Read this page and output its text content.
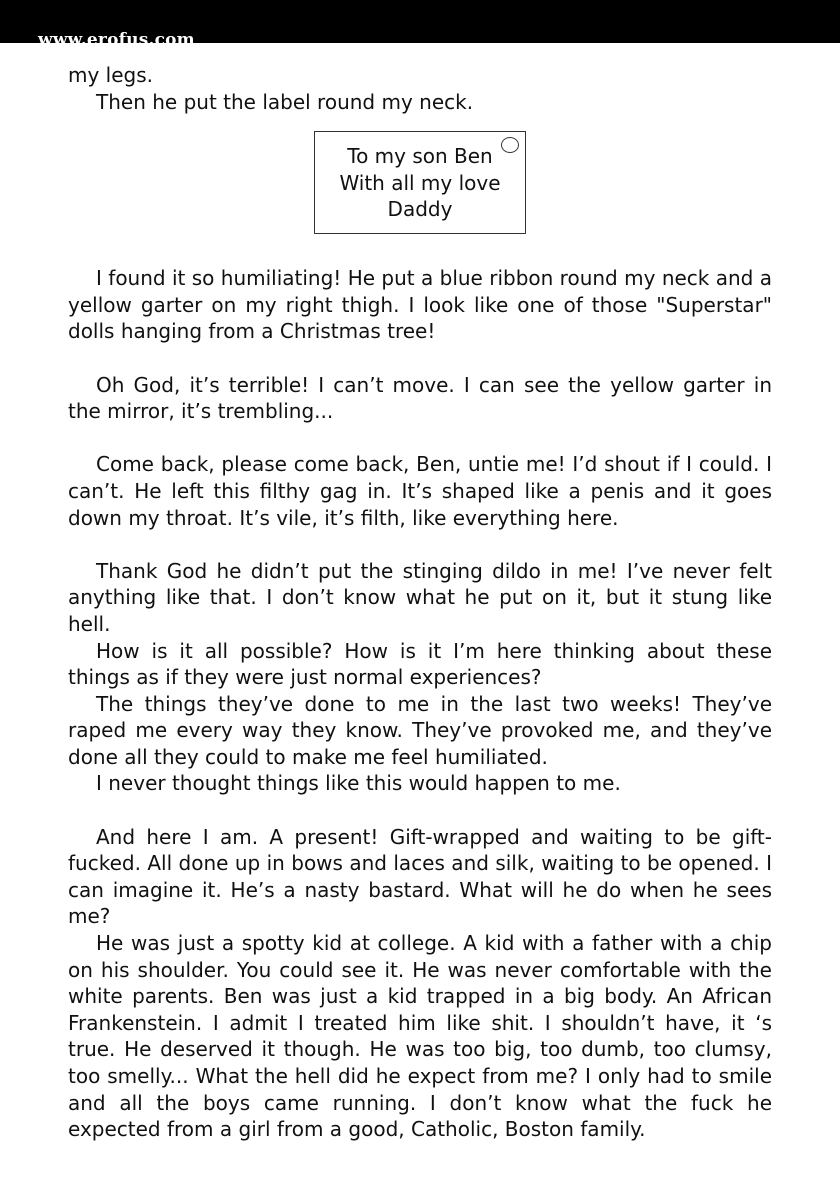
www.erofus.com

my legs.

Then he put the label round my neck.

To my son Ben
With all my love
Daddy

I found it so humiliating! He put a blue ribbon round my neck and a yellow garter on my right thigh. I look like one of those "Superstar" dolls hanging from a Christmas tree!

Oh God, it’s terrible! I can’t move. I can see the yellow garter in the mirror, it’s trembling...

Come back, please come back, Ben, untie me! I’d shout if I could. I can’t. He left this filthy gag in. It’s shaped like a penis and it goes down my throat. It’s vile, it’s filth, like everything here.

Thank God he didn’t put the stinging dildo in me! I’ve never felt anything like that. I don’t know what he put on it, but it stung like hell.

How is it all possible? How is it I’m here thinking about these things as if they were just normal experiences?

The things they’ve done to me in the last two weeks! They’ve raped me every way they know. They’ve provoked me, and they’ve done all they could to make me feel humiliated.

I never thought things like this would happen to me.

And here I am. A present! Gift-wrapped and waiting to be gift-fucked. All done up in bows and laces and silk, waiting to be opened. I can imagine it. He’s a nasty bastard. What will he do when he sees me?

He was just a spotty kid at college. A kid with a father with a chip on his shoulder. You could see it. He was never comfortable with the white parents. Ben was just a kid trapped in a big body. An African Frankenstein. I admit I treated him like shit. I shouldn’t have, it ‘s true. He deserved it though. He was too big, too dumb, too clumsy, too smelly... What the hell did he expect from me? I only had to smile and all the boys came running. I don’t know what the fuck he expected from a girl from a good, Catholic, Boston family.
